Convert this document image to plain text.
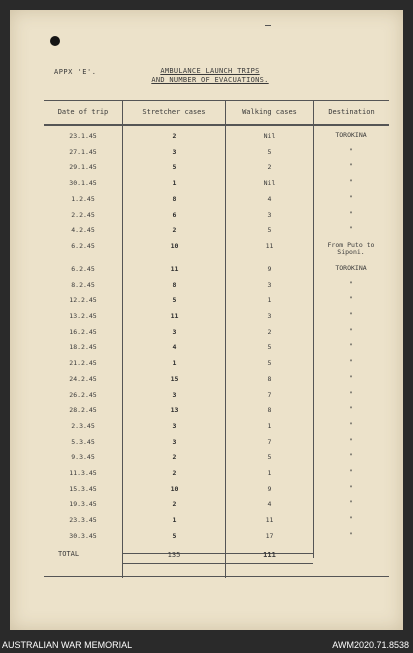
APPX 'E'.	AMBULANCE LAUNCH TRIPS
AND NUMBER OF EVACUATIONS.
Date of trip	Stretcher cases	Walking cases	Destination
23.1.45	2	Nil	TOROKINA
27.1.45	3	5	"
29.1.45	5	2	"
30.1.45	1	Nil	"
1.2.45	8	4	"
2.2.45	6	3	"
4.2.45	2	5	"
6.2.45	10	11	From Puto to Siponi.
6.2.45	11	9	TOROKINA
8.2.45	8	3	"
12.2.45	5	1	"
13.2.45	11	3	"
16.2.45	3	2	"
18.2.45	4	5	"
21.2.45	1	5	"
24.2.45	15	8	"
26.2.45	3	7	"
28.2.45	13	8	"
2.3.45	3	1	"
5.3.45	3	7	"
9.3.45	2	5	"
11.3.45	2	1	"
15.3.45	10	9	"
19.3.45	2	4	"
23.3.45	1	11	"
30.3.45	5	17	"
TOTAL	135	111
AUSTRALIAN WAR MEMORIAL	AWM2020.71.8538
